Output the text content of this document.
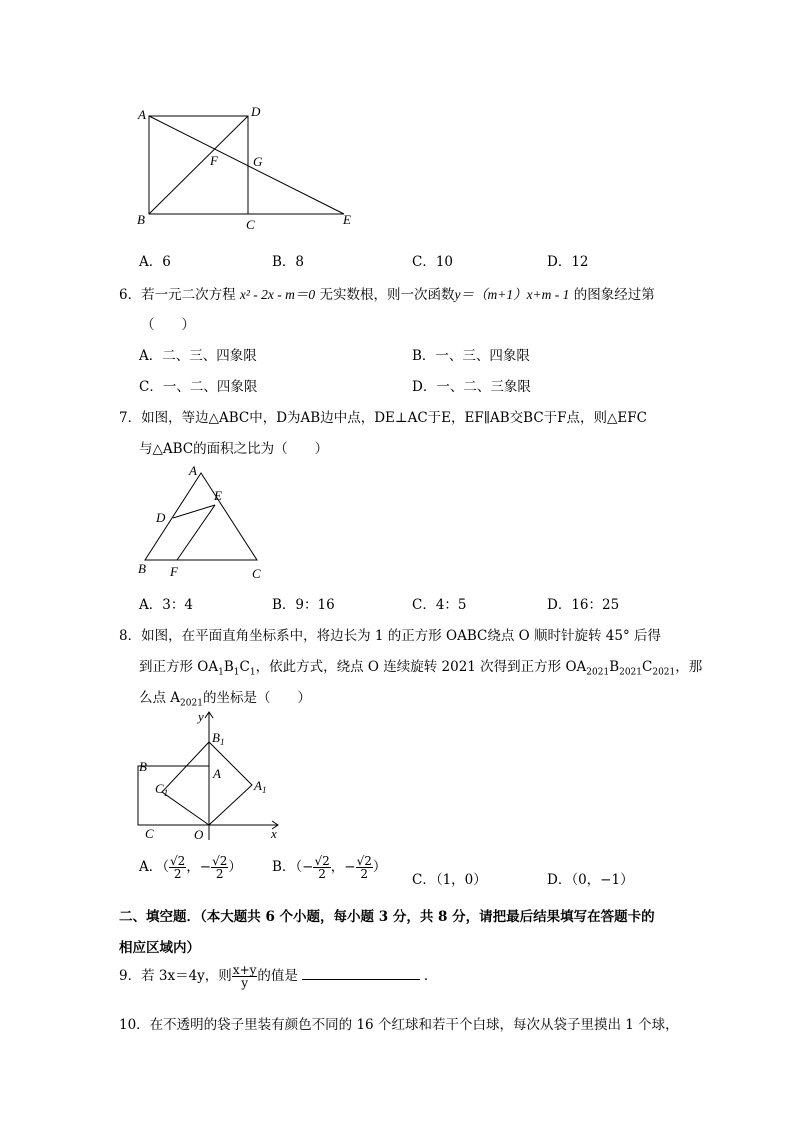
A	D
F	G
B	C	E
A．6	B．8	C．10	D．12
6．若一元二次方程 x² - 2x - m＝0 无实数根，则一次函数y＝（m+1）x+m - 1 的图象经过第
（　　）
A．二、三、四象限	B．一、三、四象限
C．一、二、四象限	D．一、二、三象限
7．如图，等边△ABC中，D为AB边中点，DE⊥AC于E，EF∥AB交BC于F点，则△EFC
与△ABC的面积之比为（　　）
A
E
D
B F	C
A．3：4	B．9：16	C．4：5	D．16：25
8．如图，在平面直角坐标系中，将边长为 1 的正方形 OABC绕点 O 顺时针旋转 45° 后得
到正方形 $OA_1B_1C_1$，依此方式，绕点 O 连续旋转 2021 次得到正方形 $OA_{2021}B_{2021}C_{2021}$，那
么点 $A_{2021}$的坐标是（　　）
y
$B_1$
B	A
$C_1$	$A_1$
C	O	x
A．（ $\frac{√2}{2}$ ，− $\frac{√2}{2}$ ） B．（− $\frac{√2}{2}$ ，− $\frac{√2}{2}$ ）
C．（1，0）	D．（0，−1）
二、填空题．（本大题共 6 个小题，每小题 3 分，共 8 分，请把最后结果填写在答题卡的
相应区域内）
9．若 3x＝4y，则 $\frac{x+y}{y}$ 的值是	．
10．在不透明的袋子里装有颜色不同的 16 个红球和若干个白球，每次从袋子里摸出 1 个球，
